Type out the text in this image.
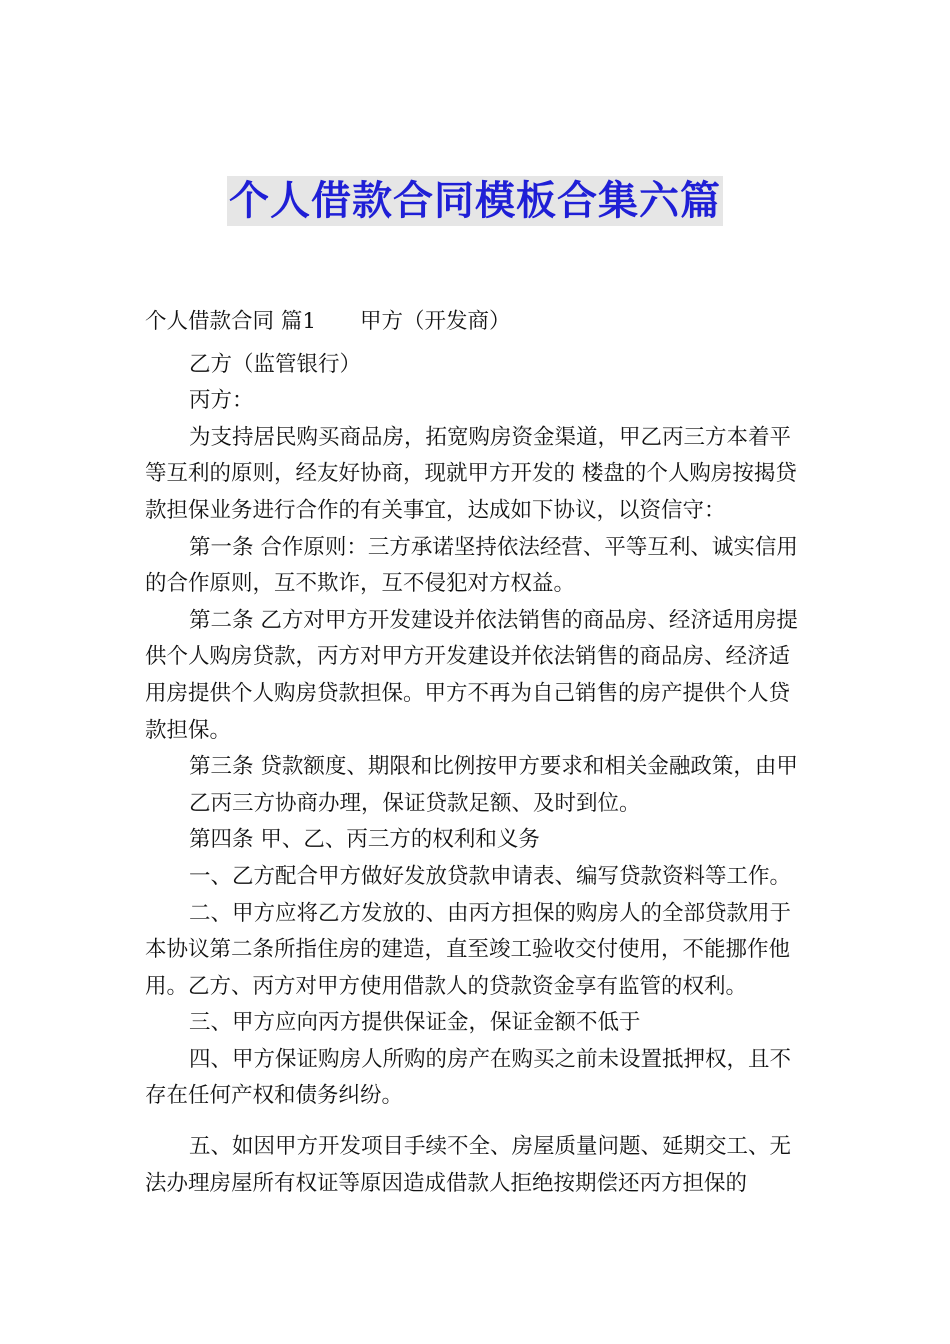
个人借款合同模板合集六篇

个人借款合同 篇1 甲方（开发商）

乙方（监管银行）

丙方：

为支持居民购买商品房，拓宽购房资金渠道，甲乙丙三方本着平等互利的原则，经友好协商，现就甲方开发的 楼盘的个人购房按揭贷款担保业务进行合作的有关事宜，达成如下协议，以资信守：

第一条 合作原则：三方承诺坚持依法经营、平等互利、诚实信用的合作原则，互不欺诈，互不侵犯对方权益。

第二条 乙方对甲方开发建设并依法销售的商品房、经济适用房提供个人购房贷款，丙方对甲方开发建设并依法销售的商品房、经济适用房提供个人购房贷款担保。甲方不再为自己销售的房产提供个人贷款担保。

第三条 贷款额度、期限和比例按甲方要求和相关金融政策，由甲

乙丙三方协商办理，保证贷款足额、及时到位。

第四条 甲、乙、丙三方的权利和义务

一、乙方配合甲方做好发放贷款申请表、编写贷款资料等工作。

二、甲方应将乙方发放的、由丙方担保的购房人的全部贷款用于本协议第二条所指住房的建造，直至竣工验收交付使用，不能挪作他用。乙方、丙方对甲方使用借款人的贷款资金享有监管的权利。

三、甲方应向丙方提供保证金，保证金额不低于

四、甲方保证购房人所购的房产在购买之前未设置抵押权，且不存在任何产权和债务纠纷。

五、如因甲方开发项目手续不全、房屋质量问题、延期交工、无法办理房屋所有权证等原因造成借款人拒绝按期偿还丙方担保的
